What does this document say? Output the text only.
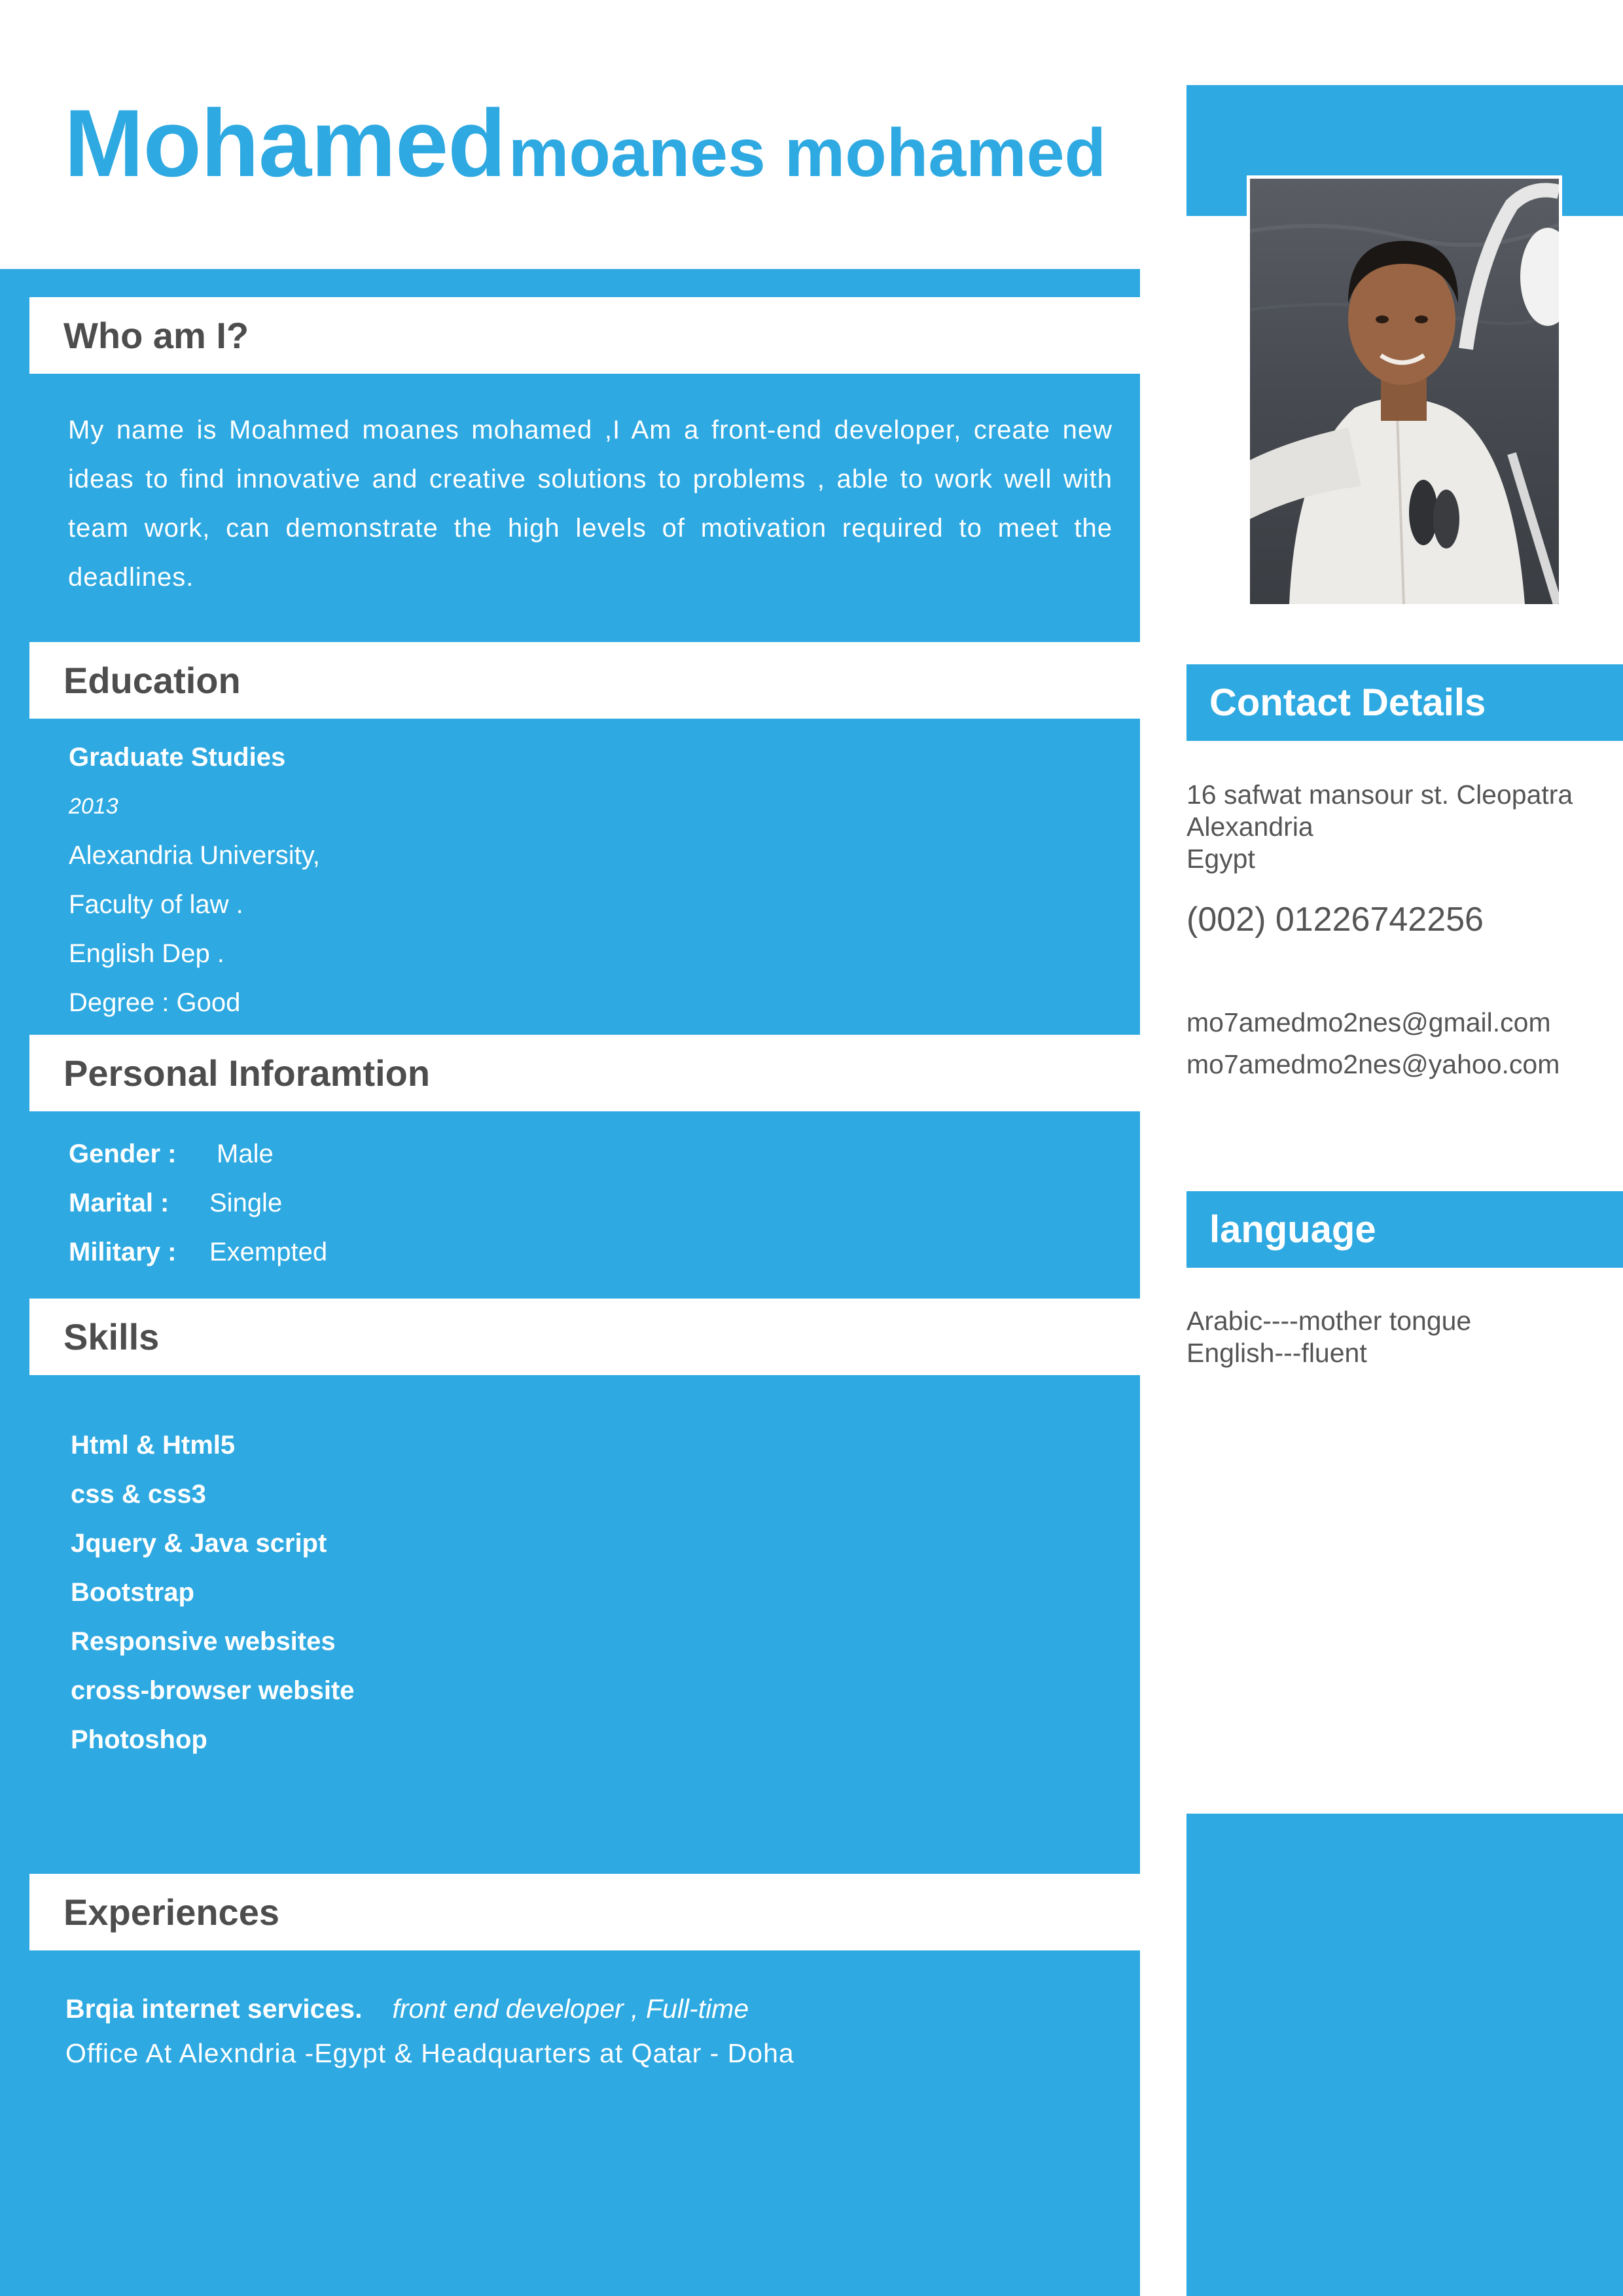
Mohamed moanes mohamed
Who am I?
My name is Moahmed moanes mohamed ,I Am a front-end developer, create new ideas to find innovative and creative solutions to problems , able to work well with team work, can demonstrate the high levels of motivation required to meet the deadlines.
Education
Graduate Studies
2013
Alexandria University,
Faculty of law .
English Dep .
Degree : Good
Personal Inforamtion
Gender : Male
Marital : Single
Military : Exempted
Skills
Html & Html5
css & css3
Jquery & Java script
Bootstrap
Responsive websites
cross-browser website
Photoshop
Experiences
Brqia internet services. front end developer , Full-time
Office At Alexndria -Egypt & Headquarters at Qatar - Doha
Contact Details
16 safwat mansour st. Cleopatra
Alexandria
Egypt
(002) 01226742256
mo7amedmo2nes@gmail.com
mo7amedmo2nes@yahoo.com
language
Arabic----mother tongue
English---fluent
